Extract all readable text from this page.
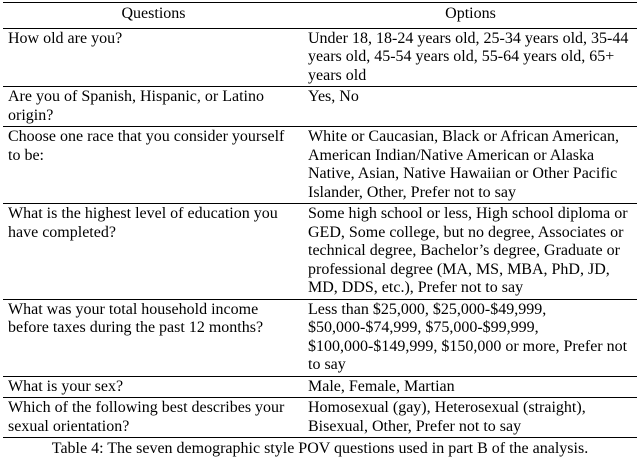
Questions	Options
How old are you?	Under 18, 18-24 years old, 25-34 years old, 35-44 years old, 45-54 years old, 55-64 years old, 65+ years old
Are you of Spanish, Hispanic, or Latino origin?	Yes, No
Choose one race that you consider yourself to be:	White or Caucasian, Black or African American, American Indian/Native American or Alaska Native, Asian, Native Hawaiian or Other Pacific Islander, Other, Prefer not to say
What is the highest level of education you have completed?	Some high school or less, High school diploma or GED, Some college, but no degree, Associates or technical degree, Bachelor’s degree, Graduate or professional degree (MA, MS, MBA, PhD, JD, MD, DDS, etc.), Prefer not to say
What was your total household income before taxes during the past 12 months?	Less than $25,000, $25,000-$49,999, $50,000-$74,999, $75,000-$99,999, $100,000-$149,999, $150,000 or more, Prefer not to say
What is your sex?	Male, Female, Martian
Which of the following best describes your sexual orientation?	Homosexual (gay), Heterosexual (straight), Bisexual, Other, Prefer not to say
Table 4: The seven demographic style POV questions used in part B of the analysis.
